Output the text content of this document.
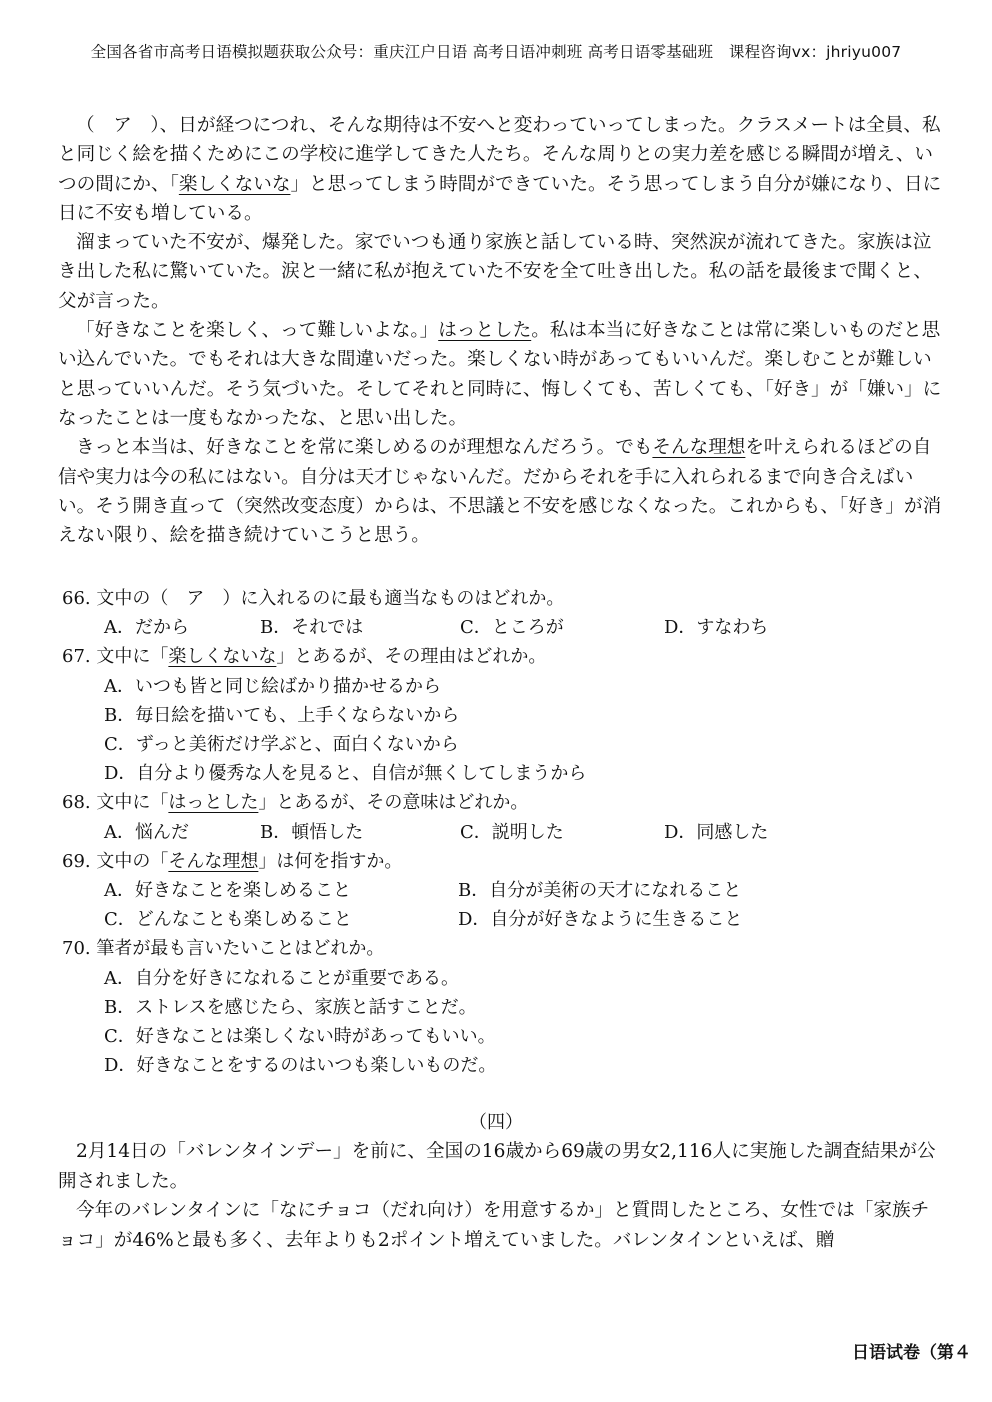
全国各省市高考日语模拟题获取公众号：重庆江户日语 高考日语冲刺班 高考日语零基础班　课程咨询vx：jhriyu007

（　ア　）、日が経つにつれ、そんな期待は不安へと変わっていってしまった。クラスメートは全員、私と同じく絵を描くためにこの学校に進学してきた人たち。そんな周りとの実力差を感じる瞬間が増え、いつの間にか、「楽しくないな」と思ってしまう時間ができていた。そう思ってしまう自分が嫌になり、日に日に不安も増している。

溜まっていた不安が、爆発した。家でいつも通り家族と話している時、突然涙が流れてきた。家族は泣き出した私に驚いていた。涙と一緒に私が抱えていた不安を全て吐き出した。私の話を最後まで聞くと、父が言った。

「好きなことを楽しく、って難しいよな。」はっとした。私は本当に好きなことは常に楽しいものだと思い込んでいた。でもそれは大きな間違いだった。楽しくない時があってもいいんだ。楽しむことが難しいと思っていいんだ。そう気づいた。そしてそれと同時に、悔しくても、苦しくても、「好き」が「嫌い」になったことは一度もなかったな、と思い出した。

きっと本当は、好きなことを常に楽しめるのが理想なんだろう。でもそんな理想を叶えられるほどの自信や実力は今の私にはない。自分は天才じゃないんだ。だからそれを手に入れられるまで向き合えばいい。そう開き直って（突然改变态度）からは、不思議と不安を感じなくなった。これからも、「好き」が消えない限り、絵を描き続けていこうと思う。

66. 文中の（　ア　）に入れるのに最も適当なものはどれか。
A．だから	B．それでは	C．ところが	D．すなわち
67. 文中に「楽しくないな」とあるが、その理由はどれか。
A．いつも皆と同じ絵ばかり描かせるから
B．毎日絵を描いても、上手くならないから
C．ずっと美術だけ学ぶと、面白くないから
D．自分より優秀な人を見ると、自信が無くしてしまうから
68. 文中に「はっとした」とあるが、その意味はどれか。
A．悩んだ	B．頓悟した	C．説明した	D．同感した
69. 文中の「そんな理想」は何を指すか。
A．好きなことを楽しめること	B．自分が美術の天才になれること
C．どんなことも楽しめること	D．自分が好きなように生きること
70. 筆者が最も言いたいことはどれか。
A．自分を好きになれることが重要である。
B．ストレスを感じたら、家族と話すことだ。
C．好きなことは楽しくない時があってもいい。
D．好きなことをするのはいつも楽しいものだ。
（四）

2月14日の「バレンタインデー」を前に、全国の16歳から69歳の男女2,116人に実施した調査結果が公開されました。

今年のバレンタインに「なにチョコ（だれ向け）を用意するか」と質問したところ、女性では「家族チョコ」が46%と最も多く、去年よりも2ポイント増えていました。バレンタインといえば、贈

日语试卷（第４
